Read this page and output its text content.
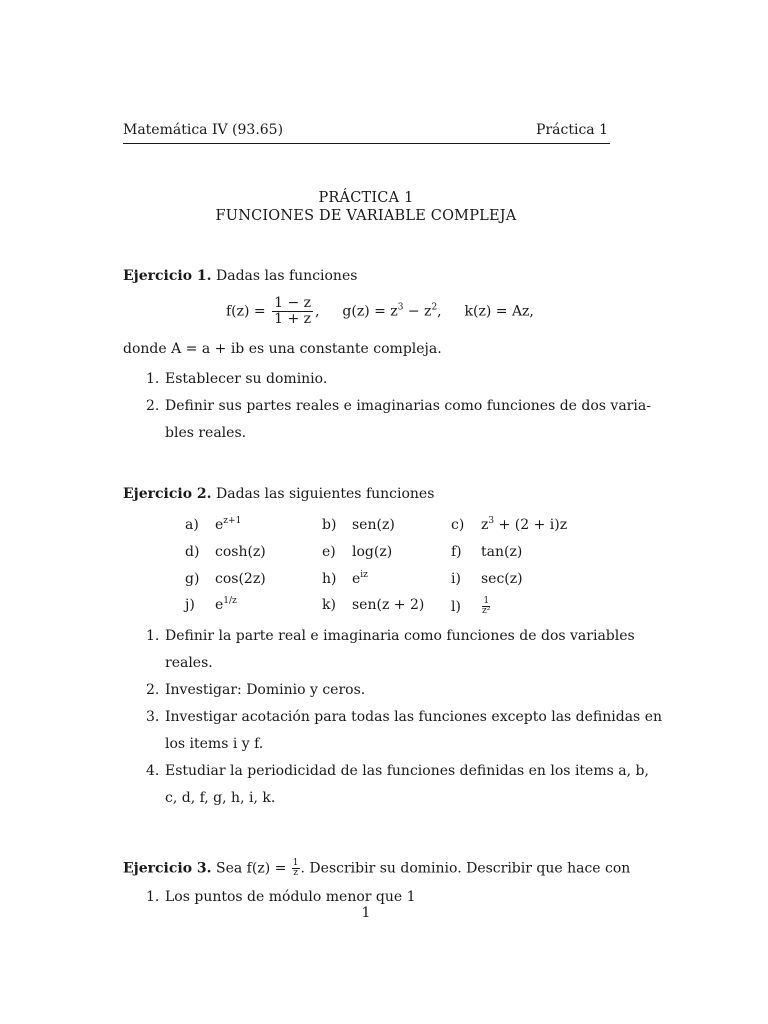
Matemática IV (93.65)	Práctica 1
PRÁCTICA 1
FUNCIONES DE VARIABLE COMPLEJA
Ejercicio 1. Dadas las funciones
$f(z) = \frac{1 - z}{1 + z}$ , $g(z) = z^3 - z^2$, k(z) = Az,
donde A = a + ib es una constante compleja.
1. Establecer su dominio.
2. Definir sus partes reales e imaginarias como funciones de dos varia-
bles reales.
Ejercicio 2. Dadas las siguientes funciones
a) $e^{z+1}$	b) sen(z)	c) $z^3 + (2 + i)z$
d) cosh(z)	e) log(z)	f) tan(z)
g) cos(2z)	h) $e^{iz}$	i) sec(z)
j) $e^{1/z}$	k) sen(z + 2) $l) \frac{1}{\text{z²}}$
1. Definir la parte real e imaginaria como funciones de dos variables
reales.
2. Investigar: Dominio y ceros.
3. Investigar acotación para todas las funciones excepto las definidas en
los items i y f.
4. Estudiar la periodicidad de las funciones definidas en los items a, b,
c, d, f, g, h, i, k.
Ejercicio 3. Sea $f(z) = \frac{1}{z}$ . Describir su dominio. Describir que hace con
1. Los puntos de módulo menor que 1
1
